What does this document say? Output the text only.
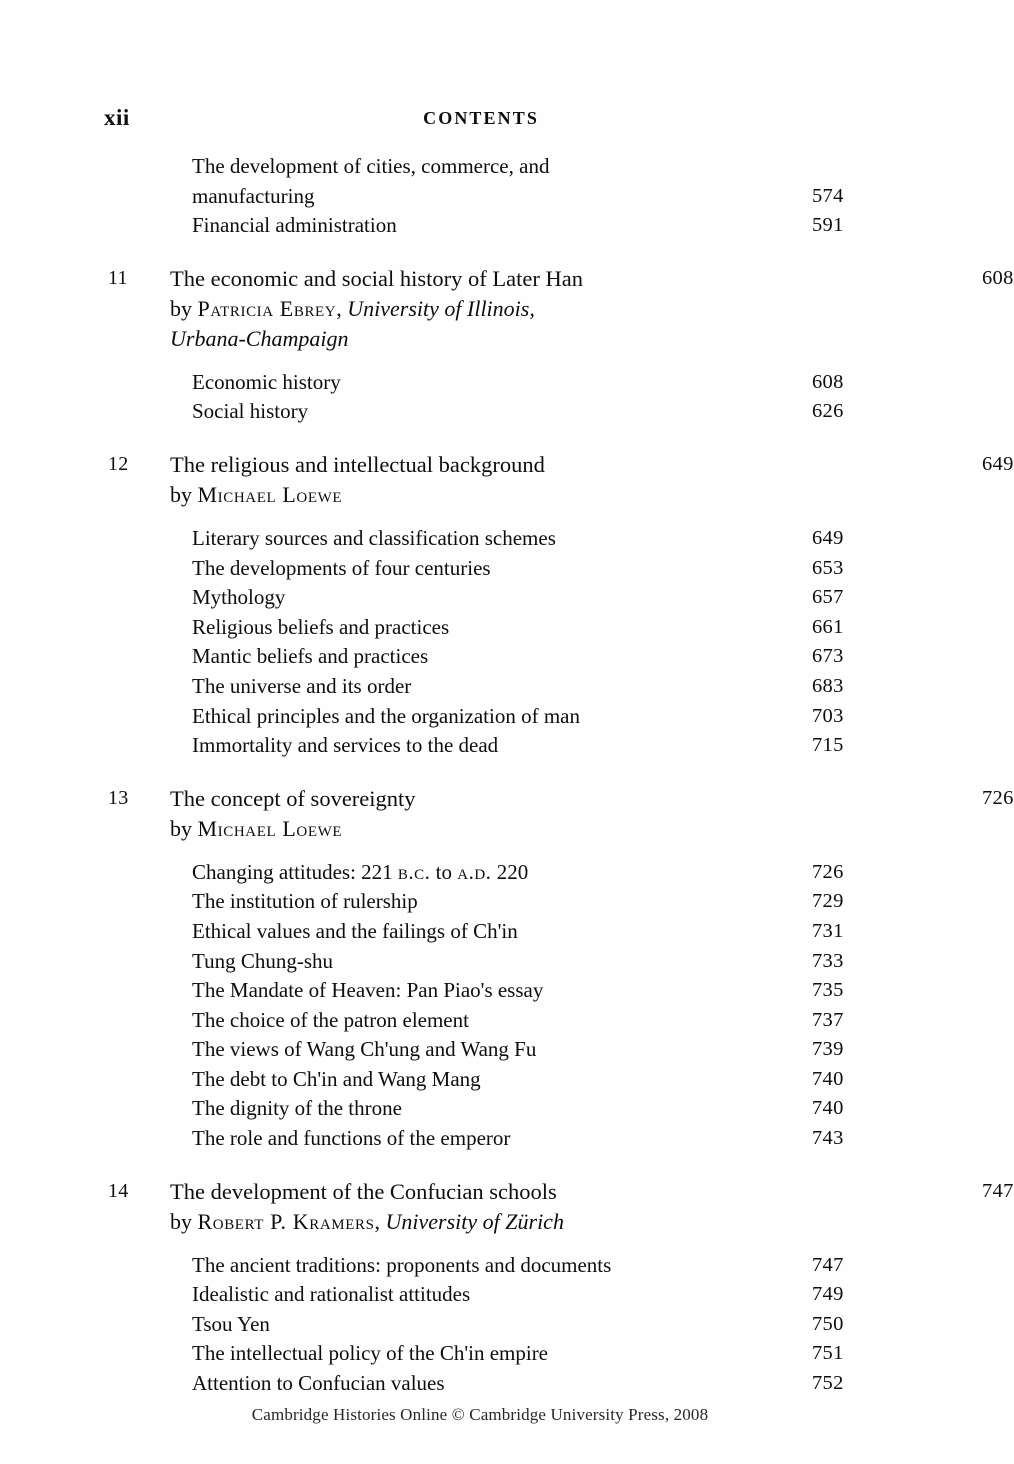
xii	CONTENTS
The development of cities, commerce, and
manufacturing	574
Financial administration	591
11	The economic and social history of Later Han	608
by Patricia Ebrey, University of Illinois,
Urbana-Champaign
Economic history	608
Social history	626
12	The religious and intellectual background	649
by Michael Loewe
Literary sources and classification schemes	649
The developments of four centuries	653
Mythology	657
Religious beliefs and practices	661
Mantic beliefs and practices	673
The universe and its order	683
Ethical principles and the organization of man	703
Immortality and services to the dead	715
13	The concept of sovereignty	726
by Michael Loewe
Changing attitudes: 221 b.c. to a.d. 220	726
The institution of rulership	729
Ethical values and the failings of Ch'in	731
Tung Chung-shu	733
The Mandate of Heaven: Pan Piao's essay	735
The choice of the patron element	737
The views of Wang Ch'ung and Wang Fu	739
The debt to Ch'in and Wang Mang	740
The dignity of the throne	740
The role and functions of the emperor	743
14	The development of the Confucian schools	747
by Robert P. Kramers, University of Zürich
The ancient traditions: proponents and documents	747
Idealistic and rationalist attitudes	749
Tsou Yen	750
The intellectual policy of the Ch'in empire	751
Attention to Confucian values	752
Cambridge Histories Online © Cambridge University Press, 2008
